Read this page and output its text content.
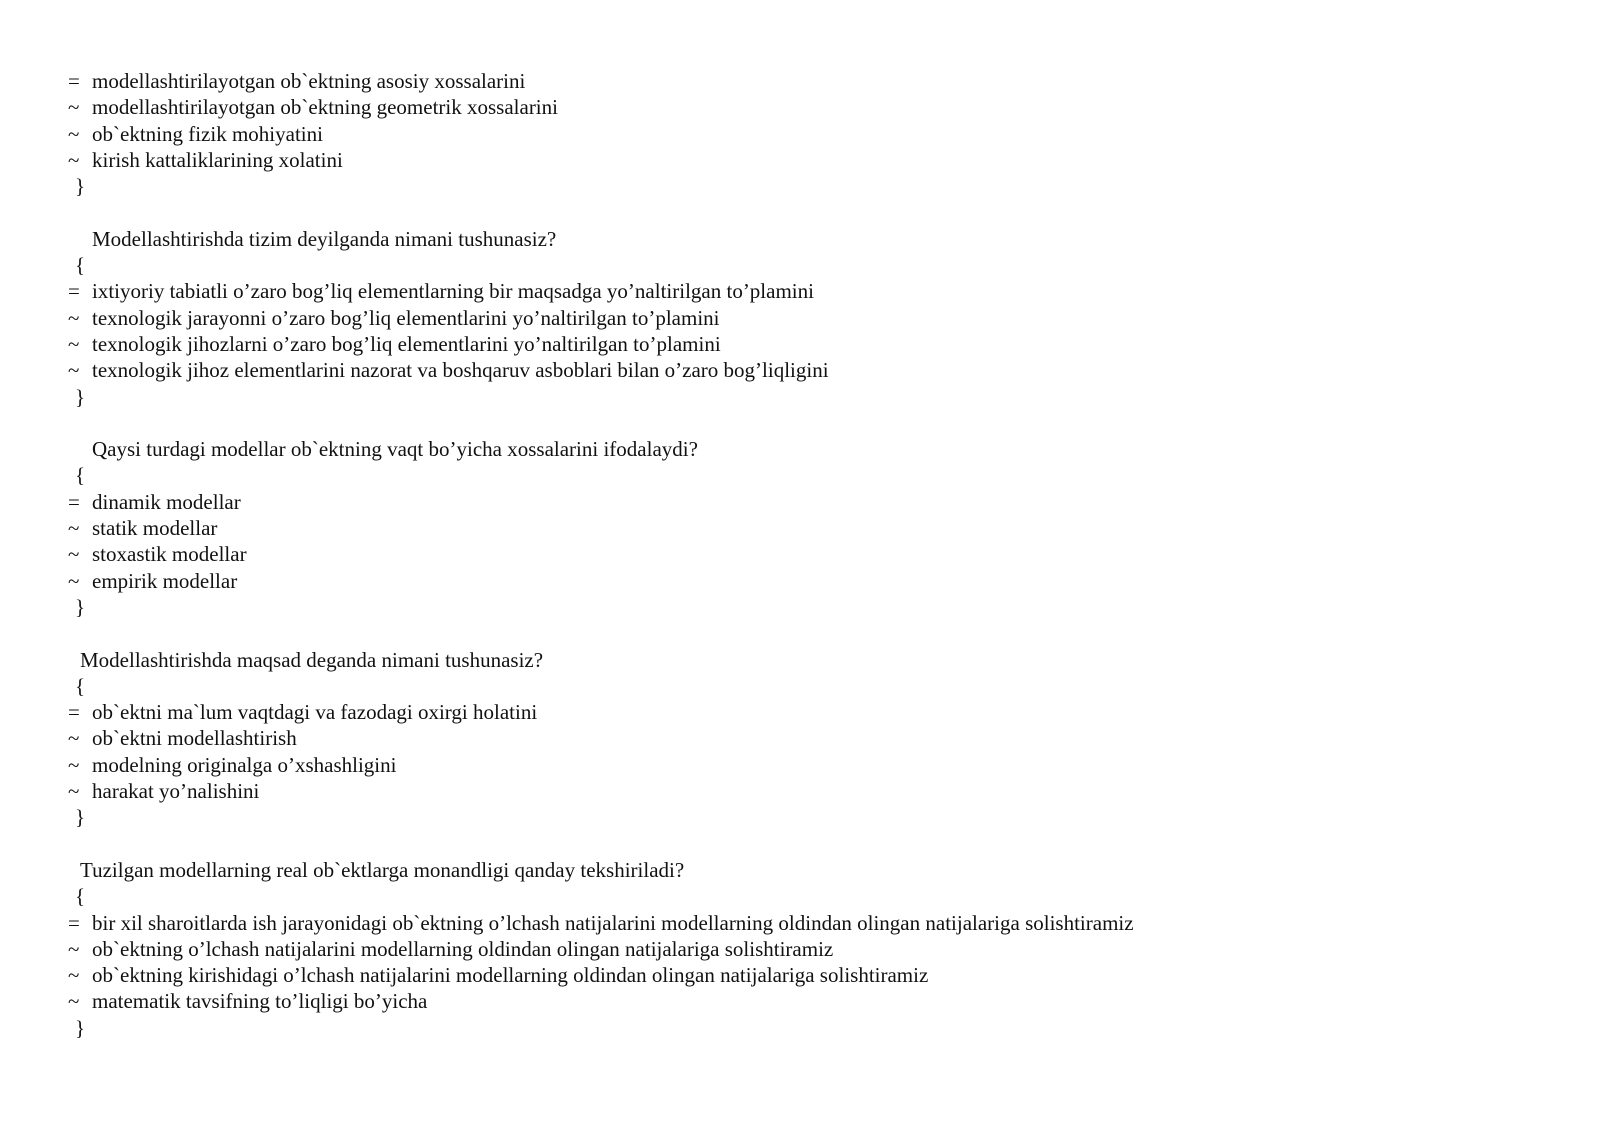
=

modellashtirilayotgan ob`ektning asosiy xossalarini

~

modellashtirilayotgan ob`ektning geometrik xossalarini

~

ob`ektning fizik mohiyatini

~

kirish kattaliklarining xolatini

}

Modellashtirishda tizim deyilganda nimani tushunasiz?

{

=

ixtiyoriy tabiatli o’zaro bog’liq elementlarning bir maqsadga yo’naltirilgan to’plamini

~

texnologik jarayonni o’zaro bog’liq elementlarini yo’naltirilgan to’plamini

~

texnologik jihozlarni o’zaro bog’liq elementlarini yo’naltirilgan to’plamini

~

texnologik jihoz elementlarini nazorat va boshqaruv asboblari bilan o’zaro bog’liqligini

}

Qaysi turdagi modellar ob`ektning vaqt bo’yicha xossalarini ifodalaydi?

{

=

dinamik modellar

~

statik modellar

~

stoxastik modellar

~

empirik modellar

}

Modellashtirishda maqsad deganda nimani tushunasiz?

{

=

ob`ektni ma`lum vaqtdagi va fazodagi oxirgi holatini

~

ob`ektni modellashtirish

~

modelning originalga o’xshashligini

~

harakat yo’nalishini

}

Tuzilgan modellarning real ob`ektlarga monandligi qanday tekshiriladi?

{

=

bir xil sharoitlarda ish jarayonidagi ob`ektning o’lchash natijalarini modellarning oldindan olingan natijalariga solishtiramiz

~

ob`ektning o’lchash natijalarini modellarning oldindan olingan natijalariga solishtiramiz

~

ob`ektning kirishidagi o’lchash natijalarini modellarning oldindan olingan natijalariga solishtiramiz

~

matematik tavsifning to’liqligi bo’yicha

}
